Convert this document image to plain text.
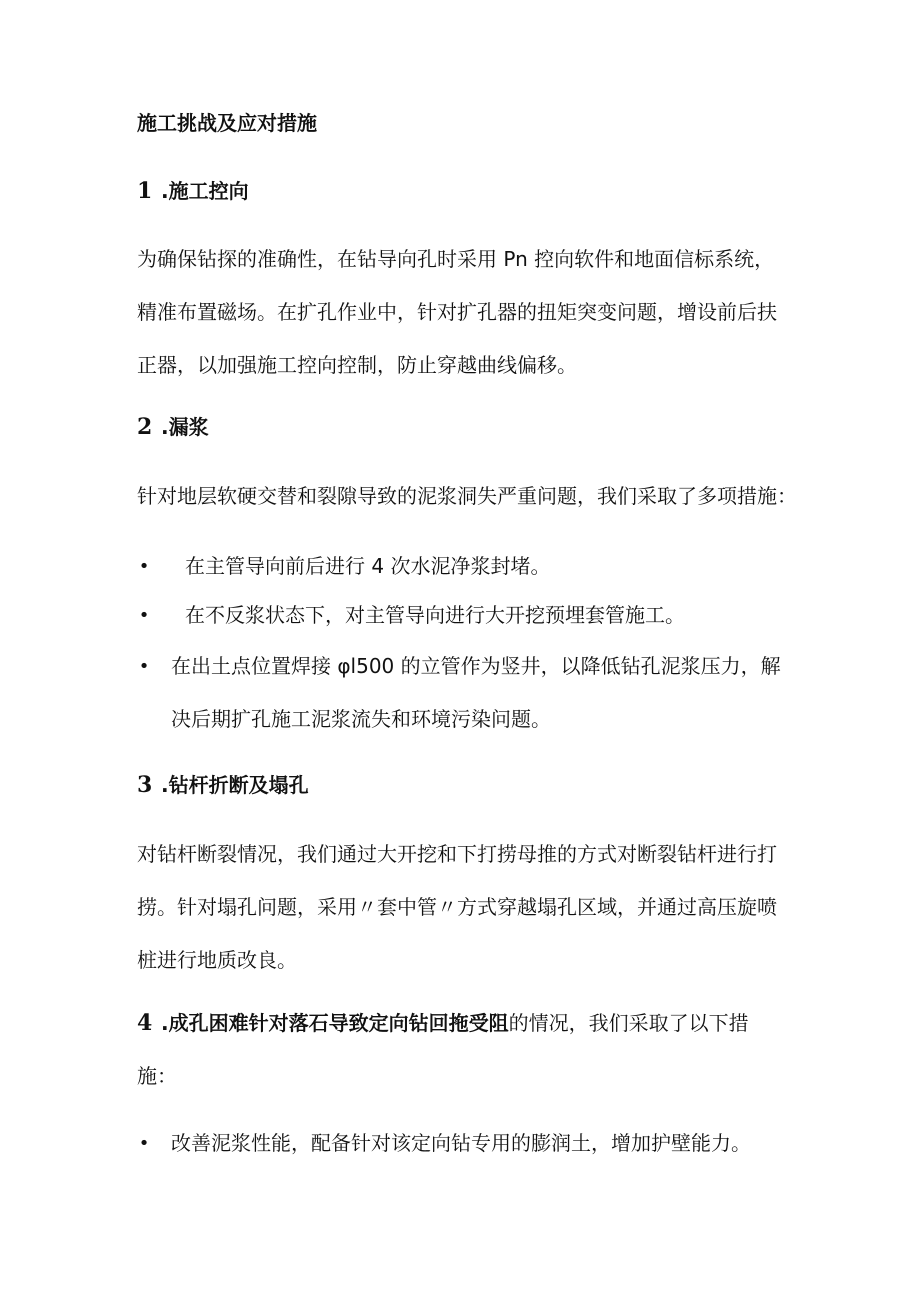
施工挑战及应对措施
1 .施工控向
为确保钻探的准确性，在钻导向孔时采用 Pn 控向软件和地面信标系统，
精准布置磁场。在扩孔作业中，针对扩孔器的扭矩突变问题，增设前后扶
正器，以加强施工控向控制，防止穿越曲线偏移。
2 .漏浆
针对地层软硬交替和裂隙导致的泥浆洞失严重问题，我们采取了多项措施：
• 在主管导向前后进行 4 次水泥净浆封堵。
• 在不反浆状态下，对主管导向进行大开挖预埋套管施工。
• 在出土点位置焊接 φl500 的立管作为竖井，以降低钻孔泥浆压力，解
决后期扩孔施工泥浆流失和环境污染问题。
3 .钻杆折断及塌孔
对钻杆断裂情况，我们通过大开挖和下打捞母推的方式对断裂钻杆进行打
捞。针对塌孔问题，采用〃套中管〃方式穿越塌孔区域，并通过高压旋喷
桩进行地质改良。
4 .成孔困难针对落石导致定向钻回拖受阻的情况，我们采取了以下措
施：
• 改善泥浆性能，配备针对该定向钻专用的膨润土，增加护壁能力。
